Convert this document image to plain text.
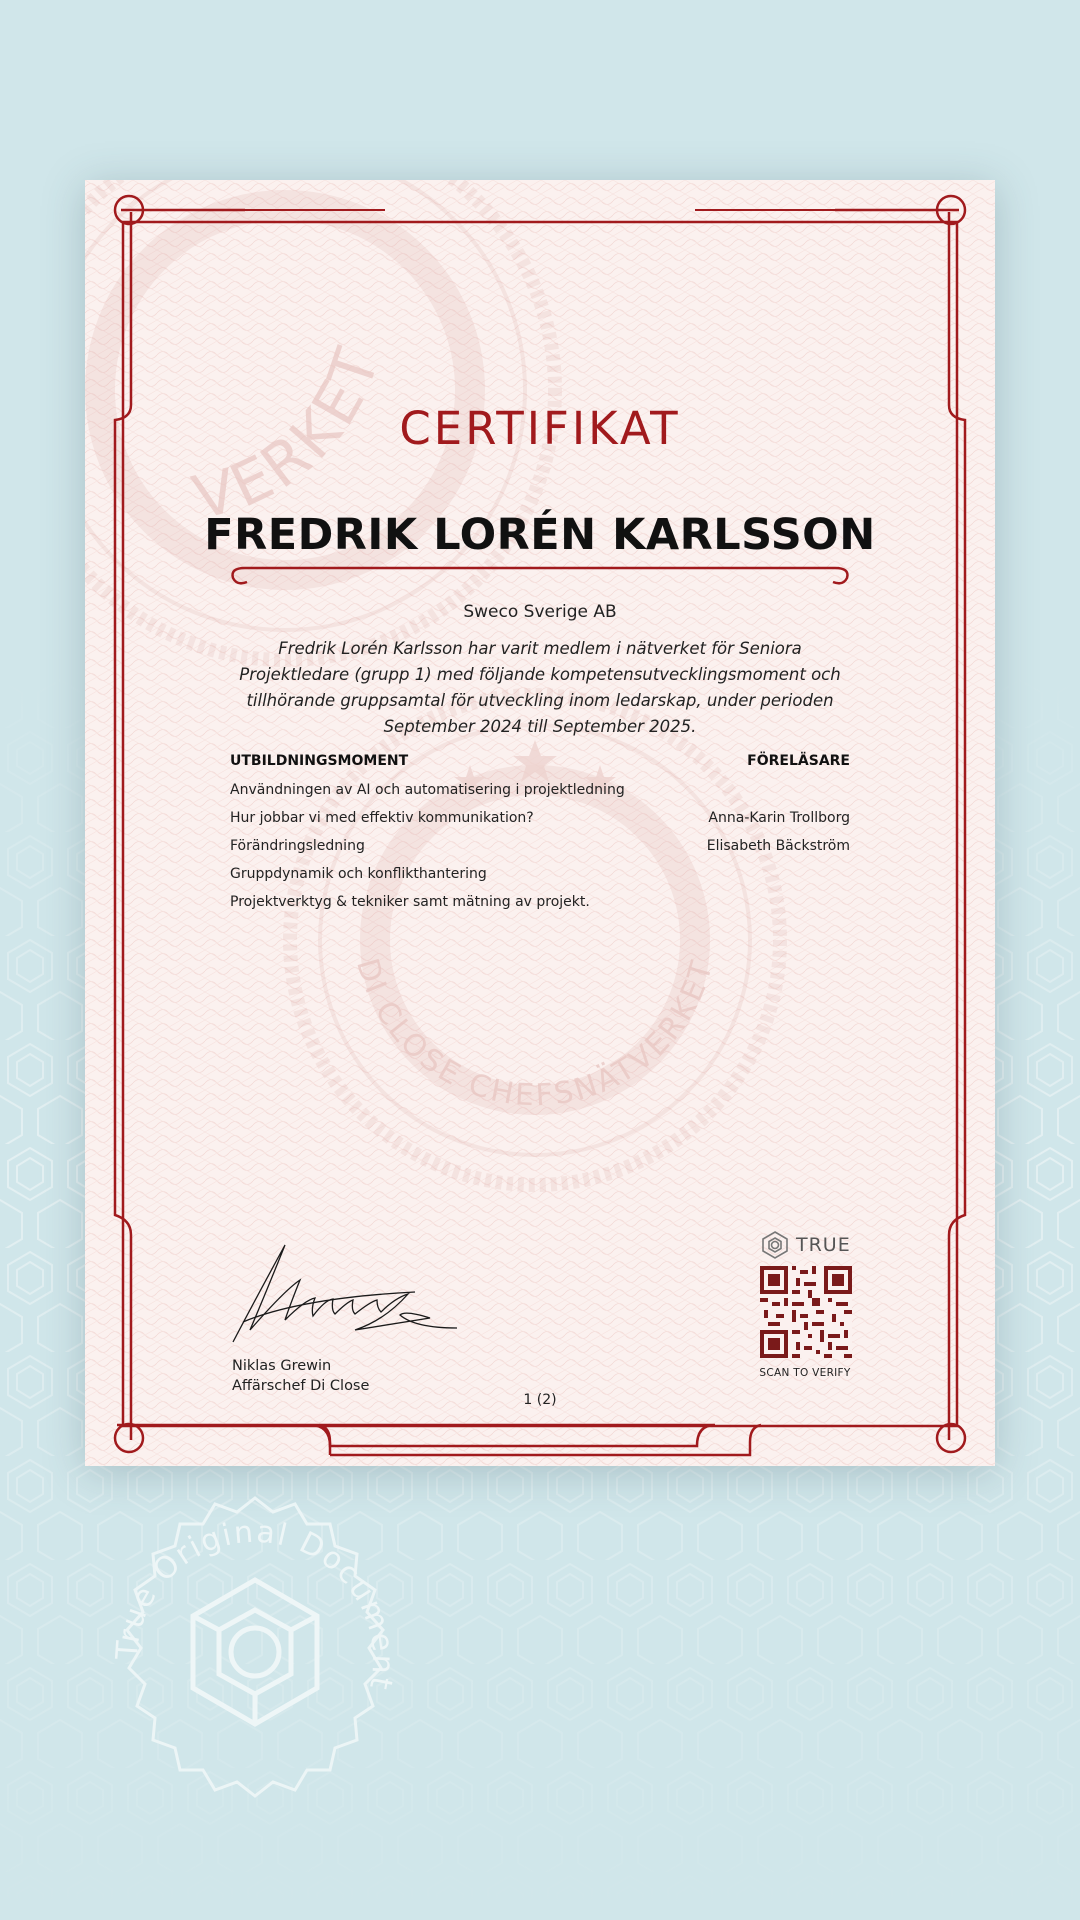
DI CLOSE CHEFSNÄTVERKET
VERKET
CERTIFIKAT
FREDRIK LORÉN KARLSSON
Sweco Sverige AB

Fredrik Lorén Karlsson har varit medlem i nätverket för Seniora Projektledare (grupp 1) med följande kompetensutvecklingsmoment och tillhörande gruppsamtal för utveckling inom ledarskap, under perioden September 2024 till September 2025.

UTBILDNINGSMOMENT	FÖRELÄSARE
Användningen av AI och automatisering i projektledning
Hur jobbar vi med effektiv kommunikation?	Anna-Karin Trollborg
Förändringsledning	Elisabeth Bäckström
Gruppdynamik och konflikthantering
Projektverktyg & tekniker samt mätning av projekt.
Niklas Grewin
Affärschef Di Close
1 (2)
TRUE
SCAN TO VERIFY
True Original Document
